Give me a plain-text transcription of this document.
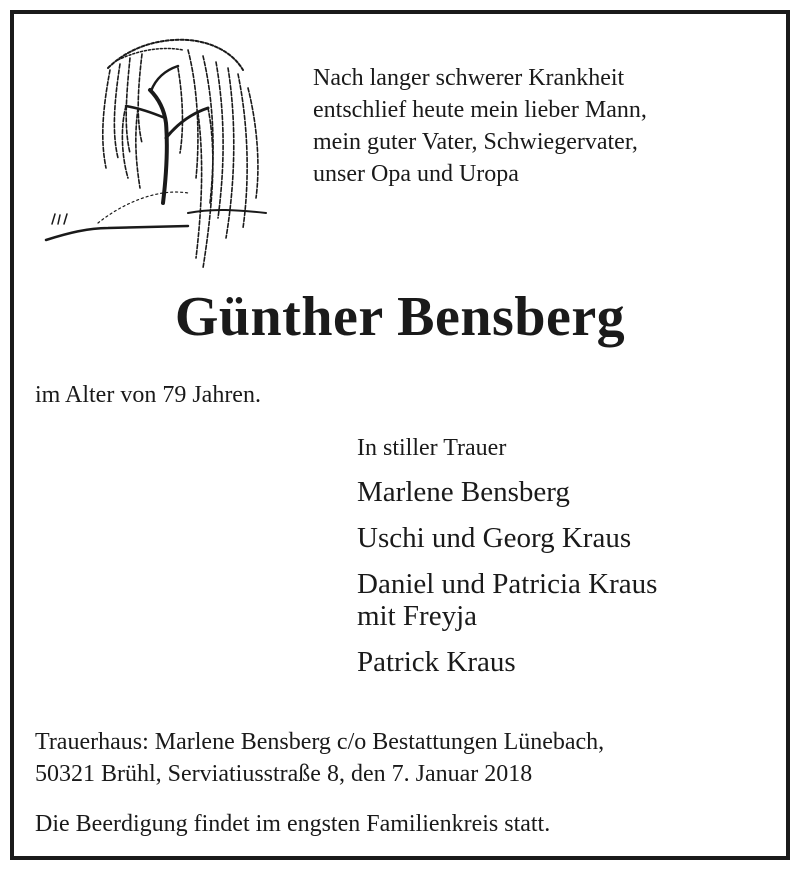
Nach langer schwerer Krankheit
entschlief heute mein lieber Mann,
mein guter Vater, Schwiegervater,
unser Opa und Uropa
Günther Bensberg
im Alter von 79 Jahren.
In stiller Trauer
Marlene Bensberg
Uschi und Georg Kraus
Daniel und Patricia Kraus
mit Freyja
Patrick Kraus
Trauerhaus: Marlene Bensberg c/o Bestattungen Lünebach,
50321 Brühl, Serviatiusstraße 8, den 7. Januar 2018
Die Beerdigung findet im engsten Familienkreis statt.
